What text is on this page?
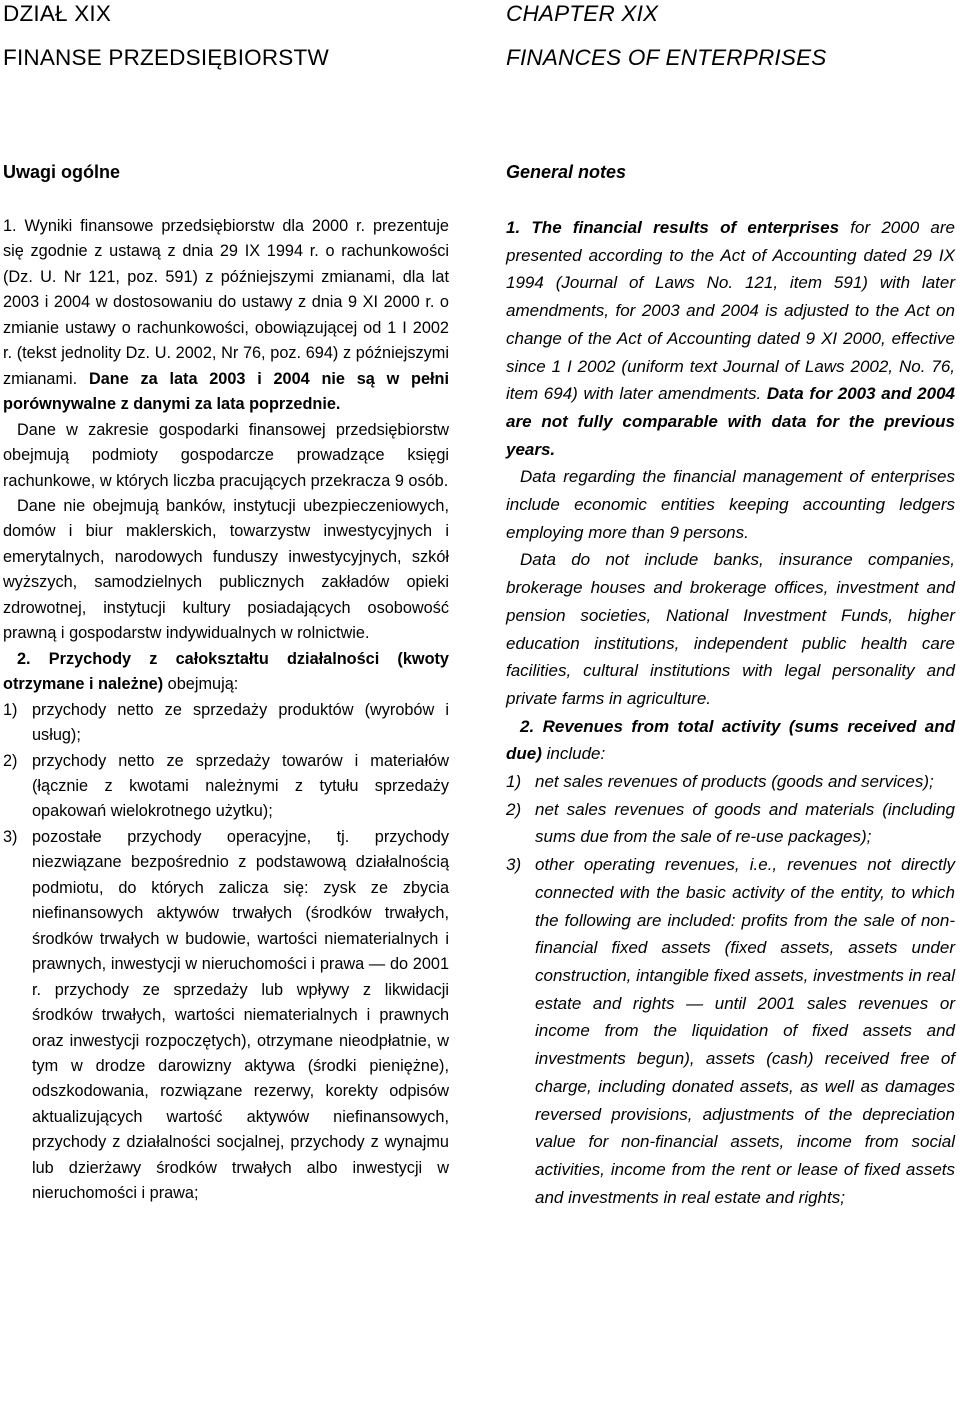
DZIAŁ XIX
FINANSE PRZEDSIĘBIORSTW
Uwagi ogólne

1. Wyniki finansowe przedsiębiorstw dla 2000 r. prezentuje się zgodnie z ustawą z dnia 29 IX 1994 r. o rachunkowości (Dz. U. Nr 121, poz. 591) z późniejszymi zmianami, dla lat 2003 i 2004 w dostosowaniu do ustawy z dnia 9 XI 2000 r. o zmianie ustawy o rachunkowości, obowiązującej od 1 I 2002 r. (tekst jednolity Dz. U. 2002, Nr 76, poz. 694) z późniejszymi zmianami. Dane za lata 2003 i 2004 nie są w pełni porównywalne z danymi za lata poprzednie.

Dane w zakresie gospodarki finansowej przedsiębiorstw obejmują podmioty gospodarcze prowadzące księgi rachunkowe, w których liczba pracujących przekracza 9 osób.

Dane nie obejmują banków, instytucji ubezpieczeniowych, domów i biur maklerskich, towarzystw inwestycyjnych i emerytalnych, narodowych funduszy inwestycyjnych, szkół wyższych, samodzielnych publicznych zakładów opieki zdrowotnej, instytucji kultury posiadających osobowość prawną i gospodarstw indywidualnych w rolnictwie.

2. Przychody z całokształtu działalności (kwoty otrzymane i należne) obejmują:

1) przychody netto ze sprzedaży produktów (wyrobów i usług);
2) przychody netto ze sprzedaży towarów i materiałów (łącznie z kwotami należnymi z tytułu sprzedaży opakowań wielokrotnego użytku);
3) pozostałe przychody operacyjne, tj. przychody niezwiązane bezpośrednio z podstawową działalnością podmiotu, do których zalicza się: zysk ze zbycia niefinansowych aktywów trwałych (środków trwałych, środków trwałych w budowie, wartości niematerialnych i prawnych, inwestycji w nieruchomości i prawa — do 2001 r. przychody ze sprzedaży lub wpływy z likwidacji środków trwałych, wartości niematerialnych i prawnych oraz inwestycji rozpoczętych), otrzymane nieodpłatnie, w tym w drodze darowizny aktywa (środki pieniężne), odszkodowania, rozwiązane rezerwy, korekty odpisów aktualizujących wartość aktywów niefinansowych, przychody z działalności socjalnej, przychody z wynajmu lub dzierżawy środków trwałych albo inwestycji w nieruchomości i prawa;
CHAPTER XIX
FINANCES OF ENTERPRISES
General notes

1. The financial results of enterprises for 2000 are presented according to the Act of Accounting dated 29 IX 1994 (Journal of Laws No. 121, item 591) with later amendments, for 2003 and 2004 is adjusted to the Act on change of the Act of Accounting dated 9 XI 2000, effective since 1 I 2002 (uniform text Journal of Laws 2002, No. 76, item 694) with later amendments. Data for 2003 and 2004 are not fully comparable with data for the previous years.

Data regarding the financial management of enterprises include economic entities keeping accounting ledgers employing more than 9 persons.

Data do not include banks, insurance companies, brokerage houses and brokerage offices, investment and pension societies, National Investment Funds, higher education institutions, independent public health care facilities, cultural institutions with legal personality and private farms in agriculture.

2. Revenues from total activity (sums received and due) include:

1) net sales revenues of products (goods and services);
2) net sales revenues of goods and materials (including sums due from the sale of re-use packages);
3) other operating revenues, i.e., revenues not directly connected with the basic activity of the entity, to which the following are included: profits from the sale of non-financial fixed assets (fixed assets, assets under construction, intangible fixed assets, investments in real estate and rights — until 2001 sales revenues or income from the liquidation of fixed assets and investments begun), assets (cash) received free of charge, including donated assets, as well as damages reversed provisions, adjustments of the depreciation value for non-financial assets, income from social activities, income from the rent or lease of fixed assets and investments in real estate and rights;
